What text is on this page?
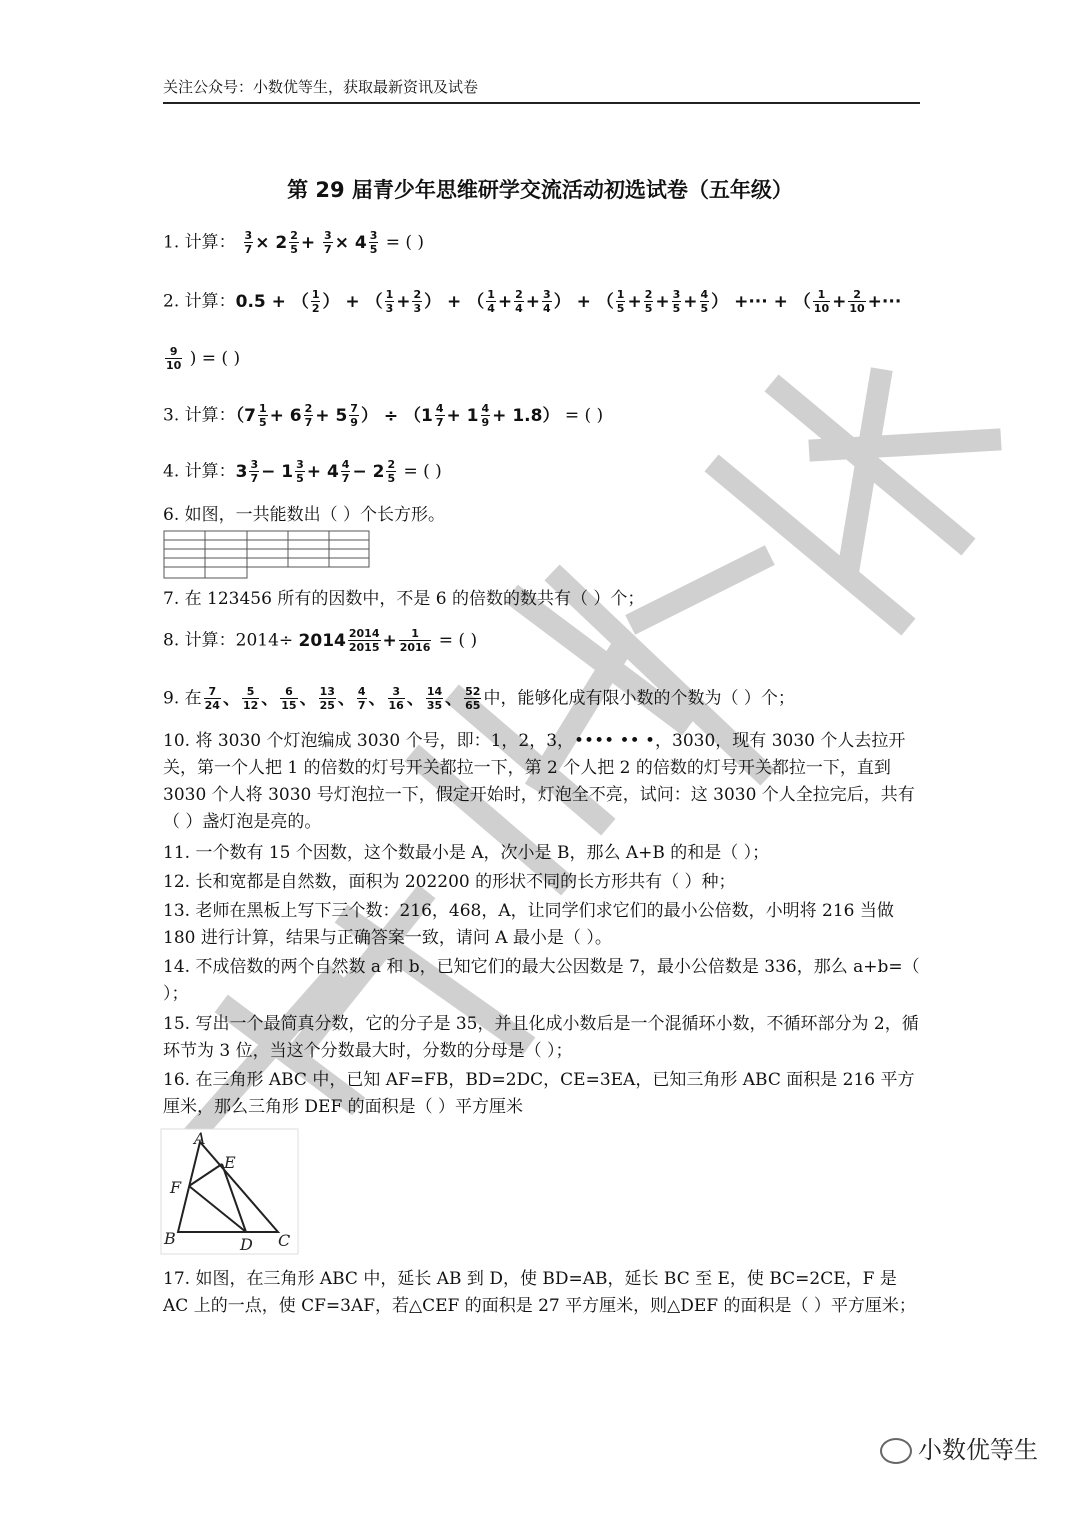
关注公众号：小数优等生，获取最新资讯及试卷
第 29 届青少年思维研学交流活动初选试卷（五年级）
1. 计算： $\frac{3}{7} \times 2 \frac{2}{5} + \frac{3}{7} \times 4 \frac{3}{5}$ = ( )
2. 计算：0.5 + （ $\frac{1}{2}$ ） + （ $\frac{1}{3} + \frac{2}{3}$ ） + （ $\frac{1}{4} + \frac{2}{4} + \frac{3}{4}$ ） + （ $\frac{1}{5} + \frac{2}{5} + \frac{3}{5} + \frac{4}{5}$ ） +··· + （ $\frac{1}{10} + \frac{2}{10}$ +···
$\frac{9}{10}$ ) = ( )
3. 计算：（$7 \frac{1}{5} + 6 \frac{2}{7} + 5 \frac{7}{9}$ ） ÷ $(1 \frac{4}{7} + 1 \frac{4}{9} + 1.8)$ = ( )
4. 计算：$3 \frac{3}{7} - 1 \frac{3}{5} + 4 \frac{4}{7} - 2 \frac{2}{5}$ = ( )
6. 如图，一共能数出（ ）个长方形。
7. 在 123456 所有的因数中，不是 6 的倍数的数共有（ ）个；
8. 计算：$2014\div 2014 \frac{2014}{2015} + \frac{1}{2016}$ = ( )
9. 在 $\frac{7}{24}$ 、 $\frac{5}{12}$ 、 $\frac{6}{15}$ 、 $\frac{13}{25}$ 、 $\frac{4}{7}$ 、 $\frac{3}{16}$ 、 $\frac{14}{35}$ 、 $\frac{52}{65}$ 中，能够化成有限小数的个数为（ ）个；
10. 将 3030 个灯泡编成 3030 个号，即：1，2，3，•••• •• •，3030，现有 3030 个人去拉开关，第一个人把 1 的倍数的灯号开关都拉一下，第 2 个人把 2 的倍数的灯号开关都拉一下，直到 3030 个人将 3030 号灯泡拉一下，假定开始时，灯泡全不亮，试问：这 3030 个人全拉完后，共有（ ）盏灯泡是亮的。
11. 一个数有 15 个因数，这个数最小是 A，次小是 B，那么 A+B 的和是（ ）；
12. 长和宽都是自然数，面积为 202200 的形状不同的长方形共有（ ）种；
13. 老师在黑板上写下三个数：216，468，A，让同学们求它们的最小公倍数，小明将 216 当做 180 进行计算，结果与正确答案一致，请问 A 最小是（ ）。
14. 不成倍数的两个自然数 a 和 b，已知它们的最大公因数是 7，最小公倍数是 336，那么 a+b=（ ）；
15. 写出一个最简真分数，它的分子是 35，并且化成小数后是一个混循环小数，不循环部分为 2，循环节为 3 位，当这个分数最大时，分数的分母是（ ）；
16. 在三角形 ABC 中，已知 AF=FB，BD=2DC，CE=3EA，已知三角形 ABC 面积是 216 平方厘米，那么三角形 DEF 的面积是（ ）平方厘米
A
E
F
B	D C
17. 如图，在三角形 ABC 中，延长 AB 到 D，使 BD=AB，延长 BC 至 E，使 BC=2CE，F 是 AC 上的一点，使 CF=3AF，若△CEF 的面积是 27 平方厘米，则△DEF 的面积是（ ）平方厘米；
小数优等生
